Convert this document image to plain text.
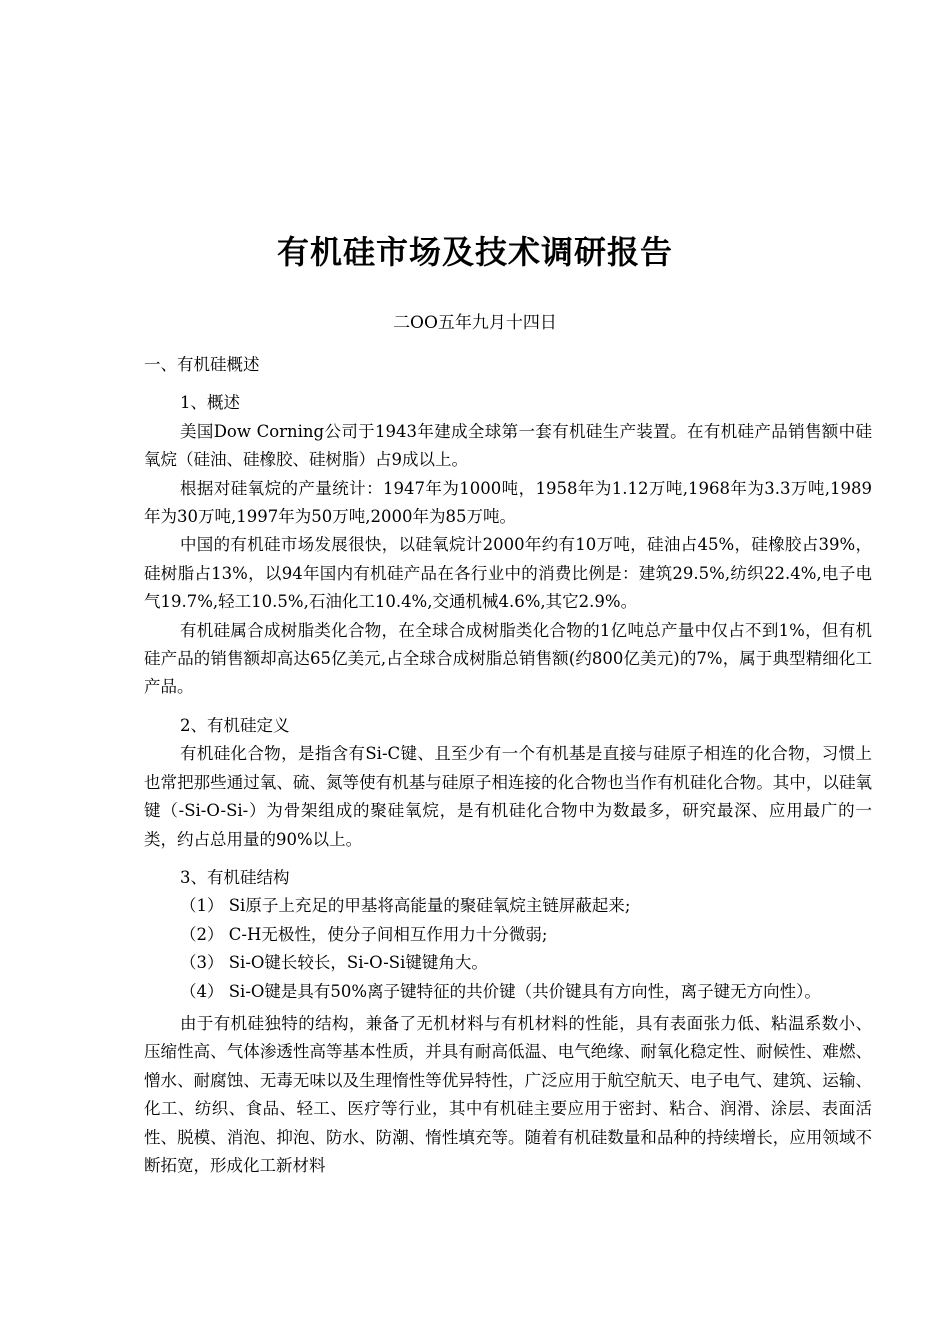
有机硅市场及技术调研报告
二OO五年九月十四日

一、有机硅概述

1、概述

美国Dow Corning公司于1943年建成全球第一套有机硅生产装置。在有机硅产品销售额中硅氧烷（硅油、硅橡胶、硅树脂）占9成以上。

根据对硅氧烷的产量统计：1947年为1000吨，1958年为1.12万吨,1968年为3.3万吨,1989年为30万吨,1997年为50万吨,2000年为85万吨。

中国的有机硅市场发展很快，以硅氧烷计2000年约有10万吨，硅油占45%，硅橡胶占39%，硅树脂占13%，以94年国内有机硅产品在各行业中的消费比例是：建筑29.5%,纺织22.4%,电子电气19.7%,轻工10.5%,石油化工10.4%,交通机械4.6%,其它2.9%。

有机硅属合成树脂类化合物，在全球合成树脂类化合物的1亿吨总产量中仅占不到1%，但有机硅产品的销售额却高达65亿美元,占全球合成树脂总销售额(约800亿美元)的7%，属于典型精细化工产品。

2、有机硅定义

有机硅化合物，是指含有Si-C键、且至少有一个有机基是直接与硅原子相连的化合物，习惯上也常把那些通过氧、硫、氮等使有机基与硅原子相连接的化合物也当作有机硅化合物。其中，以硅氧键（-Si-O-Si-）为骨架组成的聚硅氧烷，是有机硅化合物中为数最多，研究最深、应用最广的一类，约占总用量的90%以上。

3、有机硅结构

（1） Si原子上充足的甲基将高能量的聚硅氧烷主链屏蔽起来;

（2） C-H无极性，使分子间相互作用力十分微弱;

（3） Si-O键长较长，Si-O-Si键键角大。

（4） Si-O键是具有50%离子键特征的共价键（共价键具有方向性，离子键无方向性）。

由于有机硅独特的结构，兼备了无机材料与有机材料的性能，具有表面张力低、粘温系数小、压缩性高、气体渗透性高等基本性质，并具有耐高低温、电气绝缘、耐氧化稳定性、耐候性、难燃、憎水、耐腐蚀、无毒无味以及生理惰性等优异特性，广泛应用于航空航天、电子电气、建筑、运输、化工、纺织、食品、轻工、医疗等行业，其中有机硅主要应用于密封、粘合、润滑、涂层、表面活性、脱模、消泡、抑泡、防水、防潮、惰性填充等。随着有机硅数量和品种的持续增长，应用领域不断拓宽，形成化工新材料
